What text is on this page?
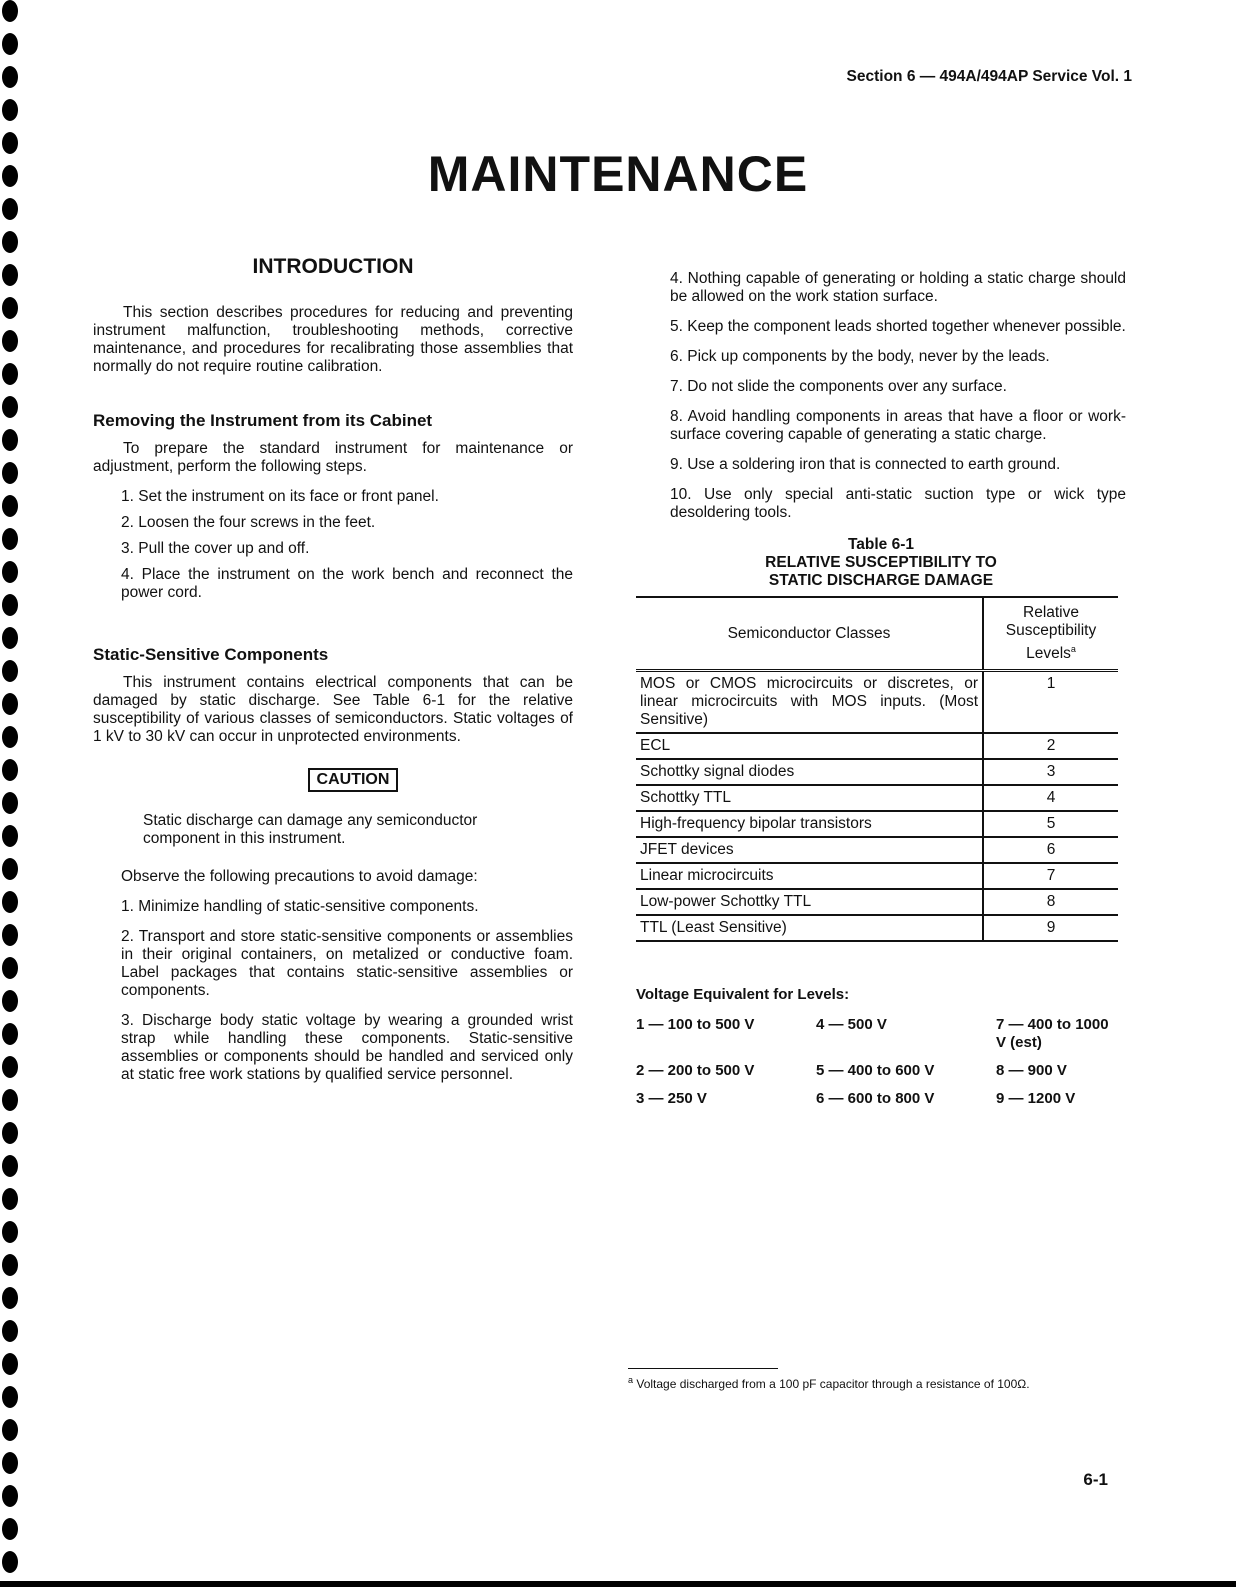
Section 6 — 494A/494AP Service Vol. 1
MAINTENANCE
INTRODUCTION

This section describes procedures for reducing and preventing instrument malfunction, troubleshooting methods, corrective maintenance, and procedures for recalibrating those assemblies that normally do not require routine calibration.

Removing the Instrument from its Cabinet

To prepare the standard instrument for maintenance or adjustment, perform the following steps.

1. Set the instrument on its face or front panel.

2. Loosen the four screws in the feet.

3. Pull the cover up and off.

4. Place the instrument on the work bench and reconnect the power cord.

Static-Sensitive Components

This instrument contains electrical components that can be damaged by static discharge. See Table 6-1 for the relative susceptibility of various classes of semiconductors. Static voltages of 1 kV to 30 kV can occur in unprotected environments.

CAUTION

Static discharge can damage any semiconductor component in this instrument.

Observe the following precautions to avoid damage:

1. Minimize handling of static-sensitive components.

2. Transport and store static-sensitive components or assemblies in their original containers, on metalized or conductive foam. Label packages that contains static-sensitive assemblies or components.

3. Discharge body static voltage by wearing a grounded wrist strap while handling these components. Static-sensitive assemblies or components should be handled and serviced only at static free work stations by qualified service personnel.

4. Nothing capable of generating or holding a static charge should be allowed on the work station surface.

5. Keep the component leads shorted together whenever possible.

6. Pick up components by the body, never by the leads.

7. Do not slide the components over any surface.

8. Avoid handling components in areas that have a floor or work-surface covering capable of generating a static charge.

9. Use a soldering iron that is connected to earth ground.

10. Use only special anti-static suction type or wick type desoldering tools.

Table 6-1
RELATIVE SUSCEPTIBILITY TO
STATIC DISCHARGE DAMAGE
Semiconductor Classes	Relative Susceptibility Levels$^a$
MOS or CMOS microcircuits or discretes, or linear microcircuits with MOS inputs. (Most Sensitive)	1
ECL	2
Schottky signal diodes	3
Schottky TTL	4
High-frequency bipolar transistors	5
JFET devices	6
Linear microcircuits	7
Low-power Schottky TTL	8
TTL (Least Sensitive)	9
Voltage Equivalent for Levels:
1 — 100 to 500 V	4 — 500 V	7 — 400 to 1000 V (est)
2 — 200 to 500 V	5 — 400 to 600 V	8 — 900 V
3 — 250 V	6 — 600 to 800 V	9 — 1200 V
$^a$ Voltage discharged from a 100 pF capacitor through a resistance of 100Ω.
6-1
